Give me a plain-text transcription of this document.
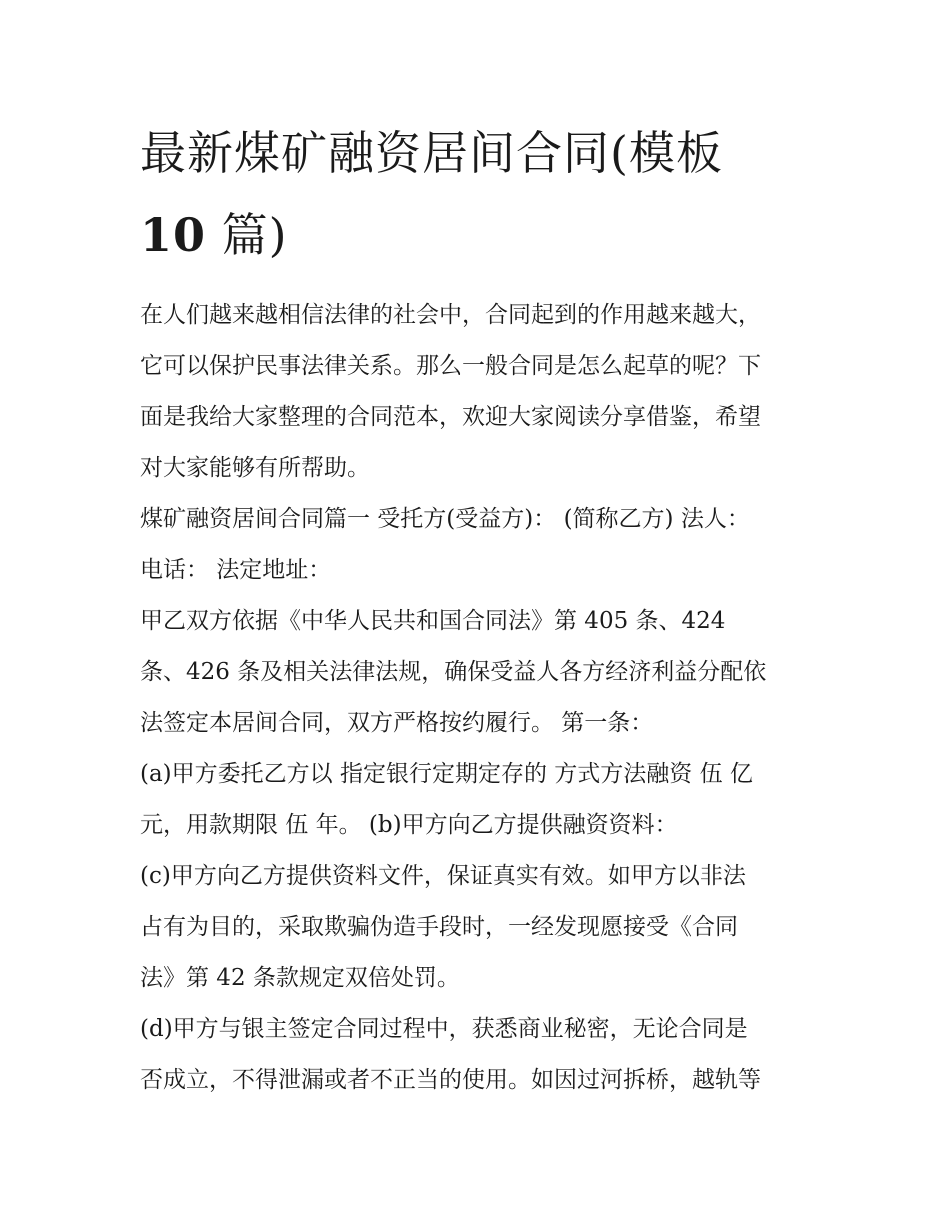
最新煤矿融资居间合同(模板
10 篇)

在人们越来越相信法律的社会中，合同起到的作用越来越大，

它可以保护民事法律关系。那么一般合同是怎么起草的呢？下

面是我给大家整理的合同范本，欢迎大家阅读分享借鉴，希望

对大家能够有所帮助。

煤矿融资居间合同篇一 受托方(受益方)： (简称乙方) 法人：

电话： 法定地址：

甲乙双方依据《中华人民共和国合同法》第 405 条、424

条、426 条及相关法律法规，确保受益人各方经济利益分配依

法签定本居间合同，双方严格按约履行。 第一条：

(a)甲方委托乙方以 指定银行定期定存的 方式方法融资 伍 亿

元，用款期限 伍 年。 (b)甲方向乙方提供融资资料：

(c)甲方向乙方提供资料文件，保证真实有效。如甲方以非法

占有为目的，采取欺骗伪造手段时，一经发现愿接受《合同

法》第 42 条款规定双倍处罚。

(d)甲方与银主签定合同过程中，获悉商业秘密，无论合同是

否成立，不得泄漏或者不正当的使用。如因过河拆桥，越轨等
